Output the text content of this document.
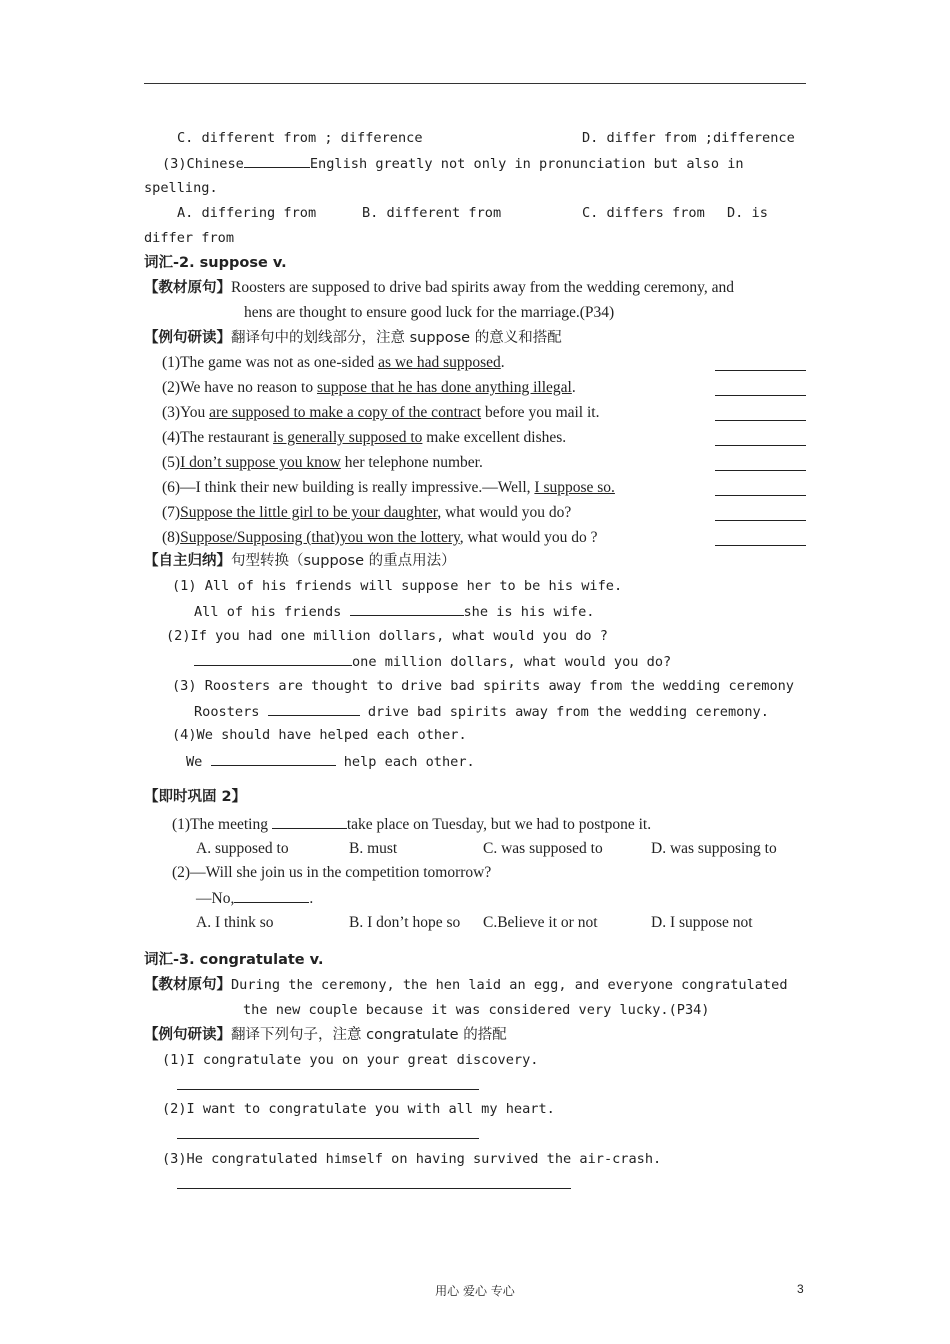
C. different from ; difference	D. differ from ;difference
(3)Chinese	English greatly not only in pronunciation but also in
spelling.
A. differing from	B. different from	C. differs from D. is
differ from
词汇-2. suppose v.
【教材原句】Roosters are supposed to drive bad spirits away from the wedding ceremony, and
hens are thought to ensure good luck for the marriage.(P34)
【例句研读】翻译句中的划线部分，注意 suppose 的意义和搭配
(1)The game was not as one-sided as we had supposed.
(2)We have no reason to suppose that he has done anything illegal.
(3)You are supposed to make a copy of the contract before you mail it.
(4)The restaurant is generally supposed to make excellent dishes.
(5)I don’t suppose you know her telephone number.
(6)—I think their new building is really impressive.—Well, I suppose so.
(7)Suppose the little girl to be your daughter, what would you do?
(8)Suppose/Supposing (that)you won the lottery, what would you do ?
【自主归纳】句型转换（suppose 的重点用法）
(1) All of his friends will suppose her to be his wife.
All of his friends	she is his wife.
(2)If you had one million dollars, what would you do ?
one million dollars, what would you do?
(3) Roosters are thought to drive bad spirits away from the wedding ceremony
Roosters	drive bad spirits away from the wedding ceremony.
(4)We should have helped each other.
We	help each other.
【即时巩固 2】
(1)The meeting	take place on Tuesday, but we had to postpone it.
A. supposed to	B. must	C. was supposed to	D. was supposing to
(2)—Will she join us in the competition tomorrow?
—No,	.
A. I think so	B. I don’t hope so C.Believe it or not	D. I suppose not
词汇-3. congratulate v.
【教材原句】During the ceremony, the hen laid an egg, and everyone congratulated
the new couple because it was considered very lucky.(P34)
【例句研读】翻译下列句子，注意 congratulate 的搭配
(1)I congratulate you on your great discovery.
(2)I want to congratulate you with all my heart.
(3)He congratulated himself on having survived the air-crash.
用心 爱心 专心	3
